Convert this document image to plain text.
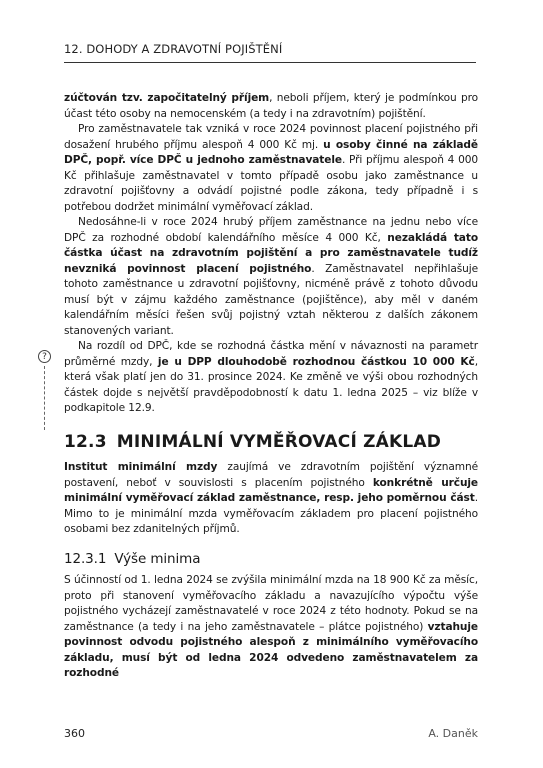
12. DOHODY A ZDRAVOTNÍ POJIŠTĚNÍ
?

zúčtován tzv. započitatelný příjem, neboli příjem, který je podmínkou pro účast této osoby na nemocenském (a tedy i na zdravotním) pojištění.

Pro zaměstnavatele tak vzniká v roce 2024 povinnost placení pojistného při dosažení hrubého příjmu alespoň 4 000 Kč mj. u osoby činné na základě DPČ, popř. více DPČ u jednoho zaměstnavatele. Při příjmu alespoň 4 000 Kč přihlašuje zaměstnavatel v tomto případě osobu jako zaměstnance u zdravotní pojišťovny a odvádí pojistné podle zákona, tedy případně i s potřebou dodržet minimální vyměřovací základ.

Nedosáhne-li v roce 2024 hrubý příjem zaměstnance na jednu nebo více DPČ za rozhodné období kalendářního měsíce 4 000 Kč, nezakládá tato částka účast na zdravotním pojištění a pro zaměstnavatele tudíž nevzniká povinnost placení pojistného. Zaměstnavatel nepřihlašuje tohoto zaměstnance u zdravotní pojišťovny, nicméně právě z tohoto důvodu musí být v zájmu každého zaměstnance (pojištěnce), aby měl v daném kalendářním měsíci řešen svůj pojistný vztah některou z dalších zákonem stanovených variant.

Na rozdíl od DPČ, kde se rozhodná částka mění v návaznosti na parametr průměrné mzdy, je u DPP dlouhodobě rozhodnou částkou 10 000 Kč, která však platí jen do 31. prosince 2024. Ke změně ve výši obou rozhodných částek dojde s největší pravděpodobností k datu 1. ledna 2025 – viz blíže v podkapitole 12.9.

12.3 MINIMÁLNÍ VYMĚŘOVACÍ ZÁKLAD

Institut minimální mzdy zaujímá ve zdravotním pojištění významné postavení, neboť v souvislosti s placením pojistného konkrétně určuje minimální vyměřovací základ zaměstnance, resp. jeho poměrnou část. Mimo to je minimální mzda vyměřovacím základem pro placení pojistného osobami bez zdanitelných příjmů.

12.3.1 Výše minima

S účinností od 1. ledna 2024 se zvýšila minimální mzda na 18 900 Kč za měsíc, proto při stanovení vyměřovacího základu a navazujícího výpočtu výše pojistného vycházejí zaměstnavatelé v roce 2024 z této hodnoty. Pokud se na zaměstnance (a tedy i na jeho zaměstnavatele – plátce pojistného) vztahuje povinnost odvodu pojistného alespoň z minimálního vyměřovacího základu, musí být od ledna 2024 odvedeno zaměstnavatelem za rozhodné

360	A. Daněk
